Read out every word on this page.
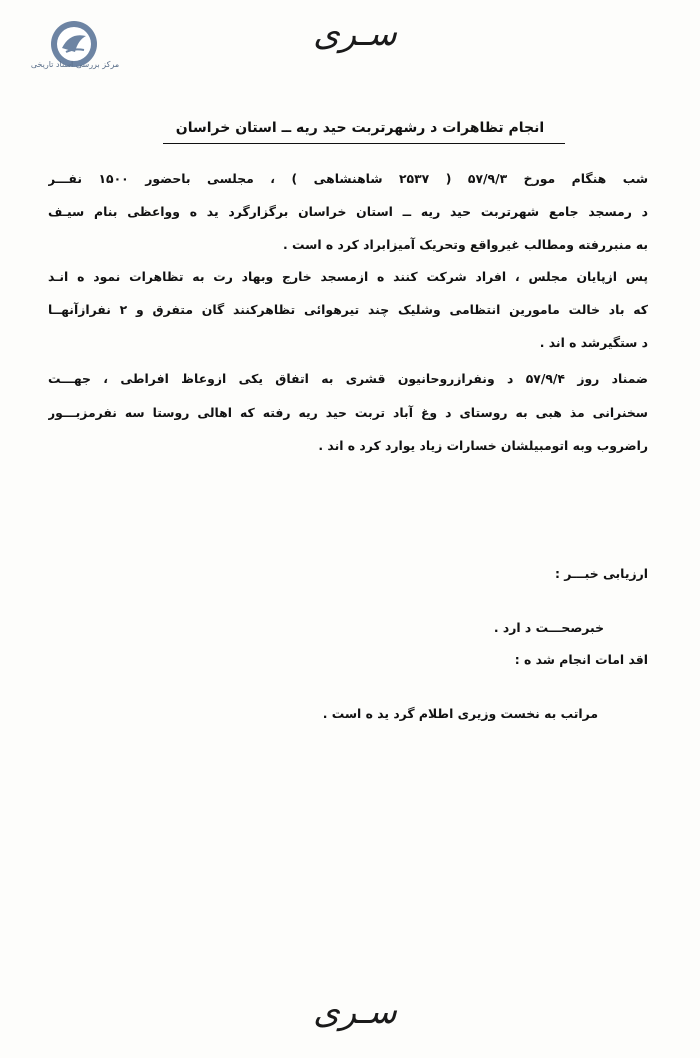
مرکز بررسی اسناد تاریخی
سـری
انجام تظاهرات د رشهرتربت حید ریه ــ استان خراسان
شب هنگام مورخ ۵۷/۹/۳ ( ۲۵۳۷ شاهنشاهی ) ، مجلسی باحضور ۱۵۰۰ نفـــر
د رمسجد جامع شهرتربت حید ریه ــ استان خراسان برگزارگرد ید ه وواعظی بنام سیـف
به منبررفته ومطالب غیرواقع وتحریک آمیزابراد کرد ه است .
پس ازپایان مجلس ، افراد شرکت کنند ه ازمسجد خارج وبهاد رت به تظاهرات نمود ه انـد
که باد خالت مامورین انتظامی وشلیک چند تیرهوائی تظاهرکنند گان متفرق و ۲ نفرازآنهــا
د ستگیرشد ه اند .
ضمناد روز ۵۷/۹/۴ د ونفرازروحانیون قشری به اتفاق یکی ازوعاظ افراطی ، جهـــت
سخنرانی مذ هبی به روستای د وغ آباد تربت حید ریه رفته که اهالی روستا سه نفرمزبـــور
راضروب وبه اتومبیلشان خسارات زیاد یوارد کرد ه اند .
ارزیابی خبـــر :
خبرصحـــت د ارد .
اقد امات انجام شد ه :
مراتب به نخست وزیری اطلام گرد ید ه است .
سـری
